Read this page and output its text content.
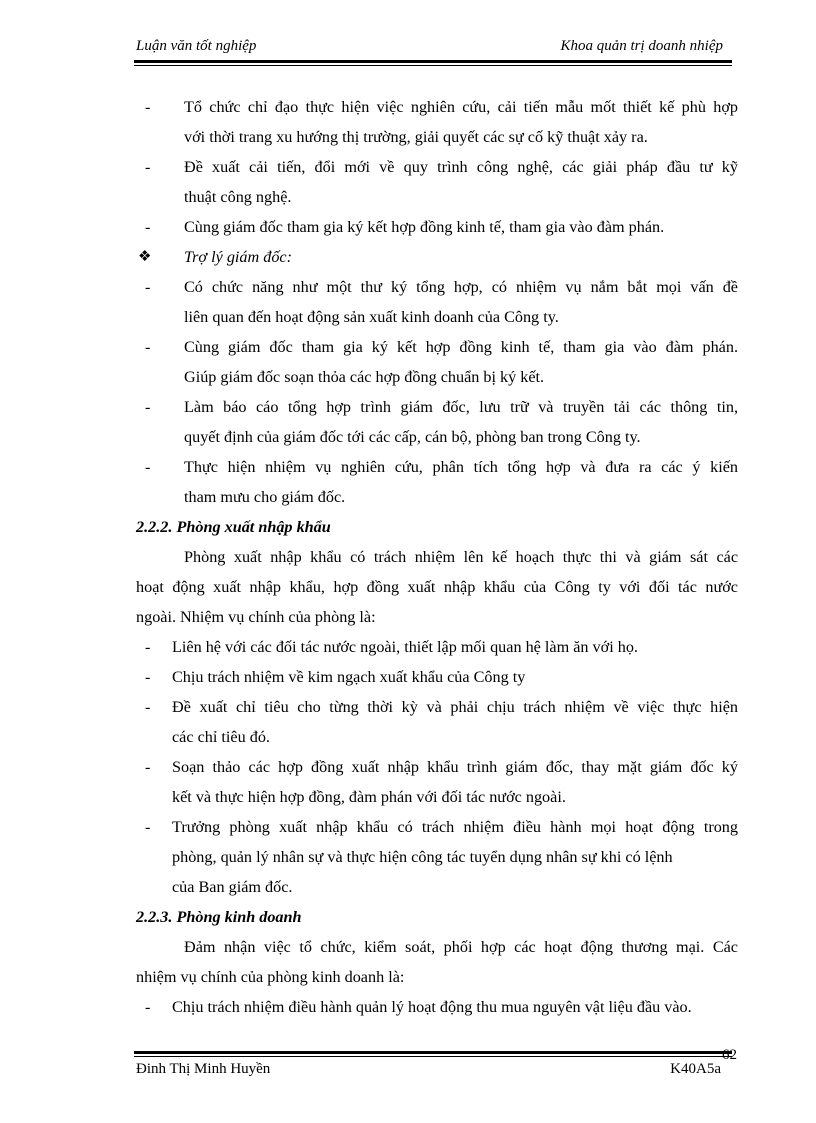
Luận văn tốt nghiệp	Khoa quản trị doanh nhiệp
- Tổ chức chỉ đạo thực hiện việc nghiên cứu, cải tiến mẫu mốt thiết kế phù hợp
với thời trang xu hướng thị trường, giải quyết các sự cố kỹ thuật xảy ra.
- Đề xuất cải tiến, đổi mới về quy trình công nghệ, các giải pháp đầu tư kỹ
thuật công nghệ.
- Cùng giám đốc tham gia ký kết hợp đồng kinh tế, tham gia vào đàm phán.
❖ Trợ lý giám đốc:
- Có chức năng như một thư ký tổng hợp, có nhiệm vụ nắm bắt mọi vấn đề
liên quan đến hoạt động sản xuất kinh doanh của Công ty.
- Cùng giám đốc tham gia ký kết hợp đồng kinh tế, tham gia vào đàm phán.
Giúp giám đốc soạn thỏa các hợp đồng chuẩn bị ký kết.
- Làm báo cáo tổng hợp trình giám đốc, lưu trữ và truyền tải các thông tin,
quyết định của giám đốc tới các cấp, cán bộ, phòng ban trong Công ty.
- Thực hiện nhiệm vụ nghiên cứu, phân tích tổng hợp và đưa ra các ý kiến
tham mưu cho giám đốc.
2.2.2. Phòng xuất nhập khẩu
Phòng xuất nhập khẩu có trách nhiệm lên kế hoạch thực thi và giám sát các
hoạt động xuất nhập khẩu, hợp đồng xuất nhập khẩu của Công ty với đối tác nước
ngoài. Nhiệm vụ chính của phòng là:
- Liên hệ với các đối tác nước ngoài, thiết lập mối quan hệ làm ăn với họ.
- Chịu trách nhiệm về kim ngạch xuất khẩu của Công ty
- Đề xuất chỉ tiêu cho từng thời kỳ và phải chịu trách nhiệm về việc thực hiện
các chỉ tiêu đó.
- Soạn thảo các hợp đồng xuất nhập khẩu trình giám đốc, thay mặt giám đốc ký
kết và thực hiện hợp đồng, đàm phán với đối tác nước ngoài.
- Trưởng phòng xuất nhập khẩu có trách nhiệm điều hành mọi hoạt động trong
phòng, quản lý nhân sự và thực hiện công tác tuyển dụng nhân sự khi có lệnh
của Ban giám đốc.
2.2.3. Phòng kinh doanh
Đảm nhận việc tổ chức, kiểm soát, phối hợp các hoạt động thương mại. Các
nhiệm vụ chính của phòng kinh doanh là:
- Chịu trách nhiệm điều hành quản lý hoạt động thu mua nguyên vật liệu đầu vào.
Đinh Thị Minh Huyền	K40A5a
62
